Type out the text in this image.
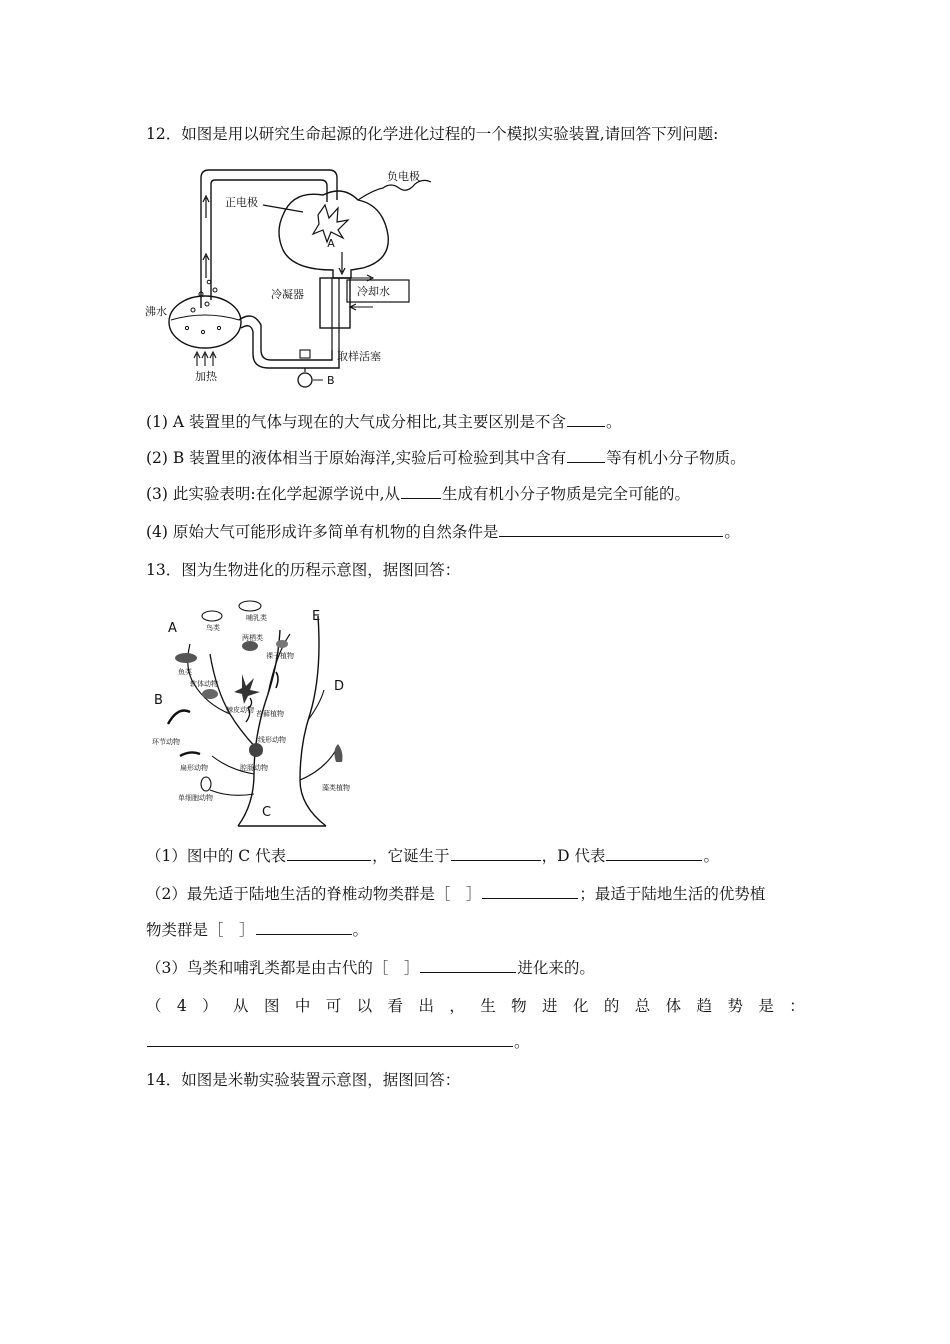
12．如图是用以研究生命起源的化学进化过程的一个模拟实验装置,请回答下列问题:
A
负电极
正电极
冷凝器	冷却水
沸水
取样活塞
B
加热
(1) A 装置里的气体与现在的大气成分相比,其主要区别是不含	。
(2) B 装置里的液体相当于原始海洋,实验后可检验到其中含有	等有机小分子物质。
(3) 此实验表明:在化学起源学说中,从	生成有机小分子物质是完全可能的。
(4) 原始大气可能形成许多简单有机物的自然条件是	。
13．图为生物进化的历程示意图，据图回答：
A
B
C
D
E
鸟类
哺乳类
两栖类
裸子植物
鱼类
软体动物
棘皮动物 苔藓植物
环节动物	线形动物
扁形动物	腔肠动物
单细胞动物
藻类植物
（1）图中的 C 代表	，它诞生于	，D 代表	。
（2）最先适于陆地生活的脊椎动物类群是［　］	；最适于陆地生活的优势植
物类群是［　］	。
（3）鸟类和哺乳类都是由古代的［　］	进化来的。
（4）从图中可以看出，生物进化的总体趋势是：
。
14．如图是米勒实验装置示意图，据图回答：
